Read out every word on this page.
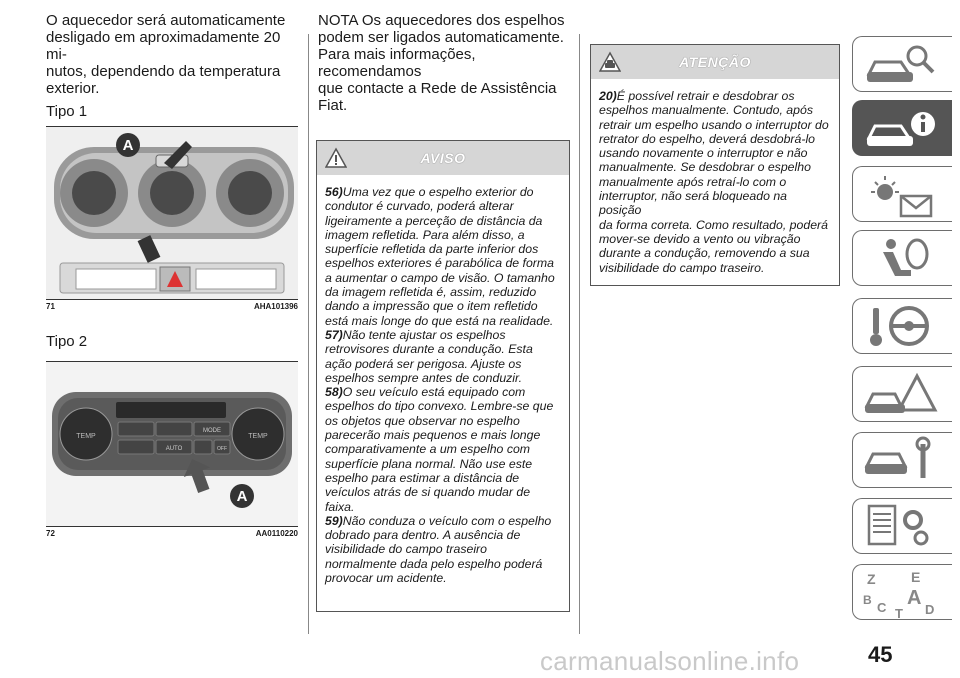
O aquecedor será automaticamente
desligado em aproximadamente 20 mi-
nutos, dependendo da temperatura
exterior.

Tipo 1

A
71	AHA101396
Tipo 2
TEMP	TEMP
MODE
AUTO	OFF
A
72	AA0110220

NOTA Os aquecedores dos espelhos
podem ser ligados automaticamente.
Para mais informações, recomendamos
que contacte a Rede de Assistência
Fiat.

AVISO

56)Uma vez que o espelho exterior do
condutor é curvado, poderá alterar
ligeiramente a perceção de distância da
imagem refletida. Para além disso, a
superfície refletida da parte inferior dos
espelhos exteriores é parabólica de forma
a aumentar o campo de visão. O tamanho
da imagem refletida é, assim, reduzido
dando a impressão que o item refletido
está mais longe do que está na realidade.

57)Não tente ajustar os espelhos
retrovisores durante a condução. Esta
ação poderá ser perigosa. Ajuste os
espelhos sempre antes de conduzir.

58)O seu veículo está equipado com
espelhos do tipo convexo. Lembre-se que
os objetos que observar no espelho
parecerão mais pequenos e mais longe
comparativamente a um espelho com
superfície plana normal. Não use este
espelho para estimar a distância de
veículos atrás de si quando mudar de
faixa.

59)Não conduza o veículo com o espelho
dobrado para dentro. A ausência de
visibilidade do campo traseiro
normalmente dada pelo espelho poderá
provocar um acidente.

ATENÇÃO

20)É possível retrair e desdobrar os
espelhos manualmente. Contudo, após
retrair um espelho usando o interruptor do
retrator do espelho, deverá desdobrá-lo
usando novamente o interruptor e não
manualmente. Se desdobrar o espelho
manualmente após retraí-lo com o
interruptor, não será bloqueado na posição
da forma correta. Como resultado, poderá
mover-se devido a vento ou vibração
durante a condução, removendo a sua
visibilidade do campo traseiro.

Z	E
B A
C	D
T
carmanualsonline.info	45
